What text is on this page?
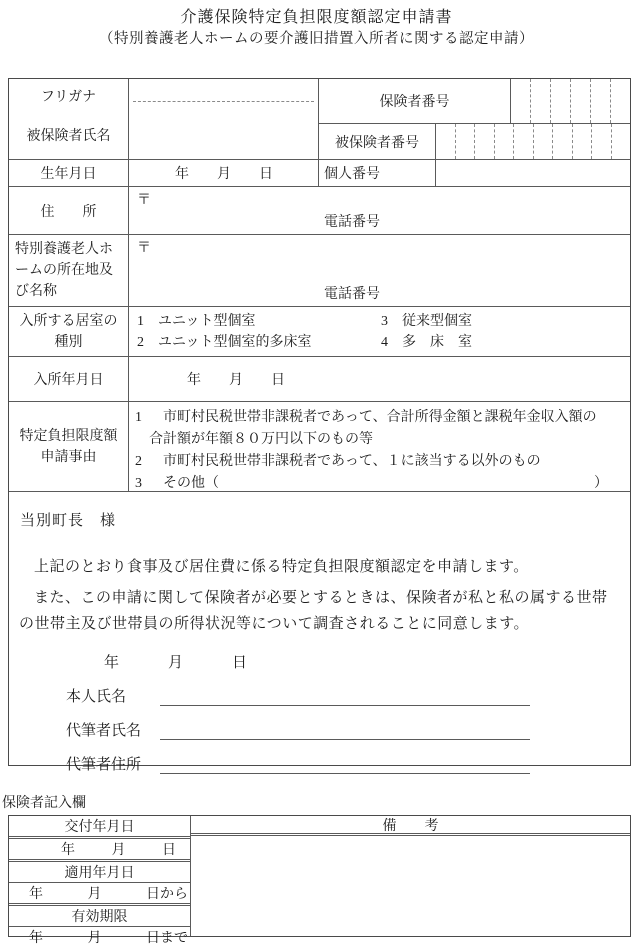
介護保険特定負担限度額認定申請書
（特別養護老人ホームの要介護旧措置入所者に関する認定申請）
フリガナ
被保険者氏名
保険者番号
被保険者番号
生年月日	年　　月　　日	個人番号
住　　所
〒
電話番号
特別養護老人ホームの所在地及び名称
〒
電話番号
入所する居室の種別
1　ユニット型個室	3　従来型個室
2　ユニット型個室的多床室	4　多　床　室
入所年月日	年　　月　　日
特定負担限度額
申請事由
1	市町村民税世帯非課税者であって、合計所得金額と課税年金収入額の
合計額が年額８０万円以下のもの等
2	市町村民税世帯非課税者であって、１に該当する以外のもの
3	その他（	）
当別町長　様
上記のとおり食事及び居住費に係る特定負担限度額認定を申請します。
また、この申請に関して保険者が必要とするときは、保険者が私と私の属する世帯の世帯主及び世帯員の所得状況等について調査されることに同意します。
年　　　月　　　日
本人氏名
代筆者氏名
代筆者住所
保険者記入欄
交付年月日
年	月	日
適用年月日
年	月	日から
有効期限
年	月	日まで
備　　考
